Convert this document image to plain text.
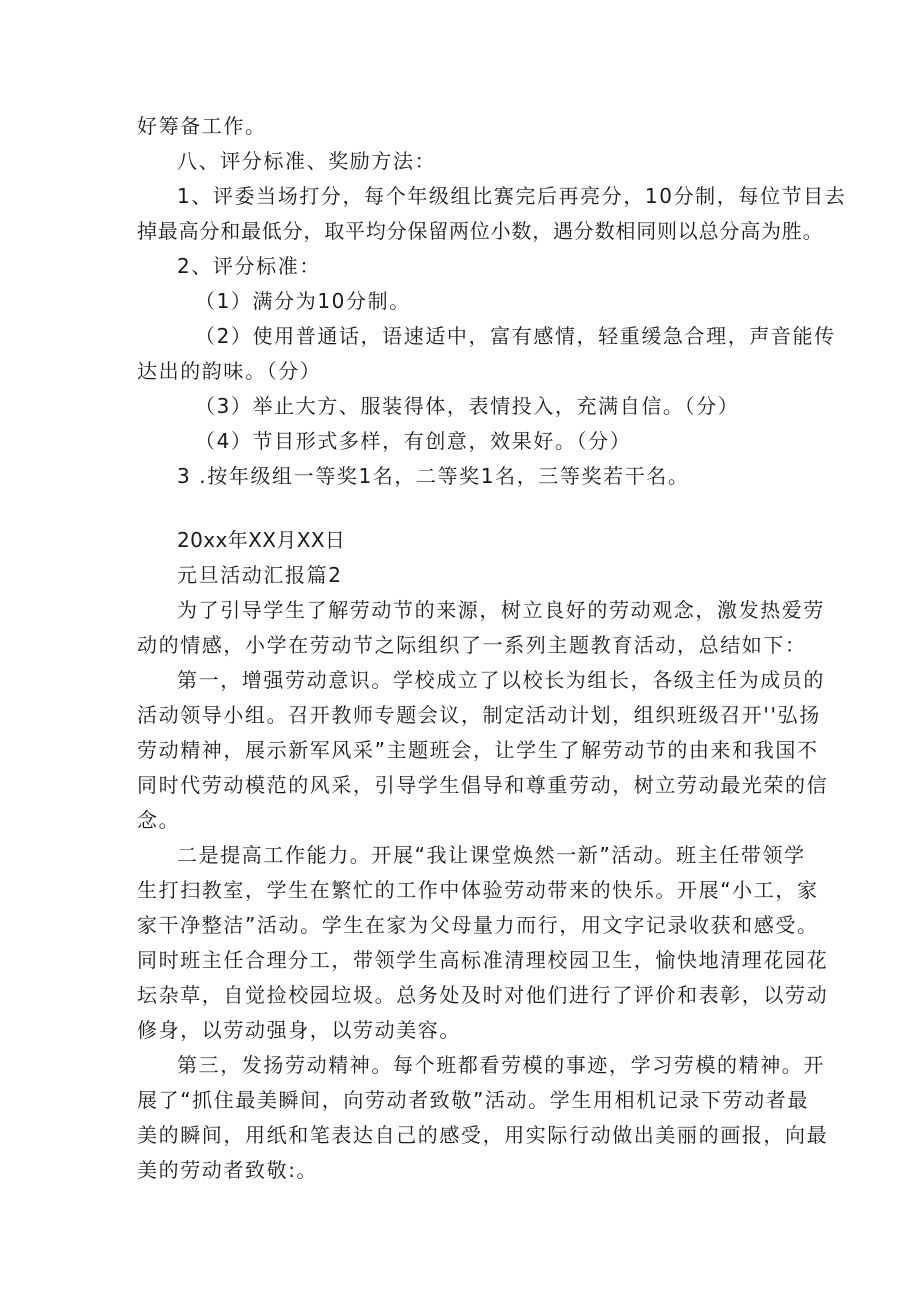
好筹备工作。

八、评分标准、奖励方法：

1、评委当场打分，每个年级组比赛完后再亮分，10分制，每位节目去

掉最高分和最低分，取平均分保留两位小数，遇分数相同则以总分高为胜。

2、评分标准：

（1）满分为10分制。

（2）使用普通话，语速适中，富有感情，轻重缓急合理，声音能传

达出的韵味。（分）

（3）举止大方、服装得体，表情投入，充满自信。（分）

（4）节目形式多样，有创意，效果好。（分）

3 .按年级组一等奖1名，二等奖1名，三等奖若干名。

20xx年XX月XX日

元旦活动汇报篇2

为了引导学生了解劳动节的来源，树立良好的劳动观念，激发热爱劳

动的情感，小学在劳动节之际组织了一系列主题教育活动，总结如下：

第一，增强劳动意识。学校成立了以校长为组长，各级主任为成员的

活动领导小组。召开教师专题会议，制定活动计划，组织班级召开''弘扬

劳动精神，展示新军风采”主题班会，让学生了解劳动节的由来和我国不

同时代劳动模范的风采，引导学生倡导和尊重劳动，树立劳动最光荣的信

念。

二是提高工作能力。开展“我让课堂焕然一新”活动。班主任带领学

生打扫教室，学生在繁忙的工作中体验劳动带来的快乐。开展“小工，家

家干净整洁”活动。学生在家为父母量力而行，用文字记录收获和感受。

同时班主任合理分工，带领学生高标准清理校园卫生，愉快地清理花园花

坛杂草，自觉捡校园垃圾。总务处及时对他们进行了评价和表彰，以劳动

修身，以劳动强身，以劳动美容。

第三，发扬劳动精神。每个班都看劳模的事迹，学习劳模的精神。开

展了“抓住最美瞬间，向劳动者致敬”活动。学生用相机记录下劳动者最

美的瞬间，用纸和笔表达自己的感受，用实际行动做出美丽的画报，向最

美的劳动者致敬:。
